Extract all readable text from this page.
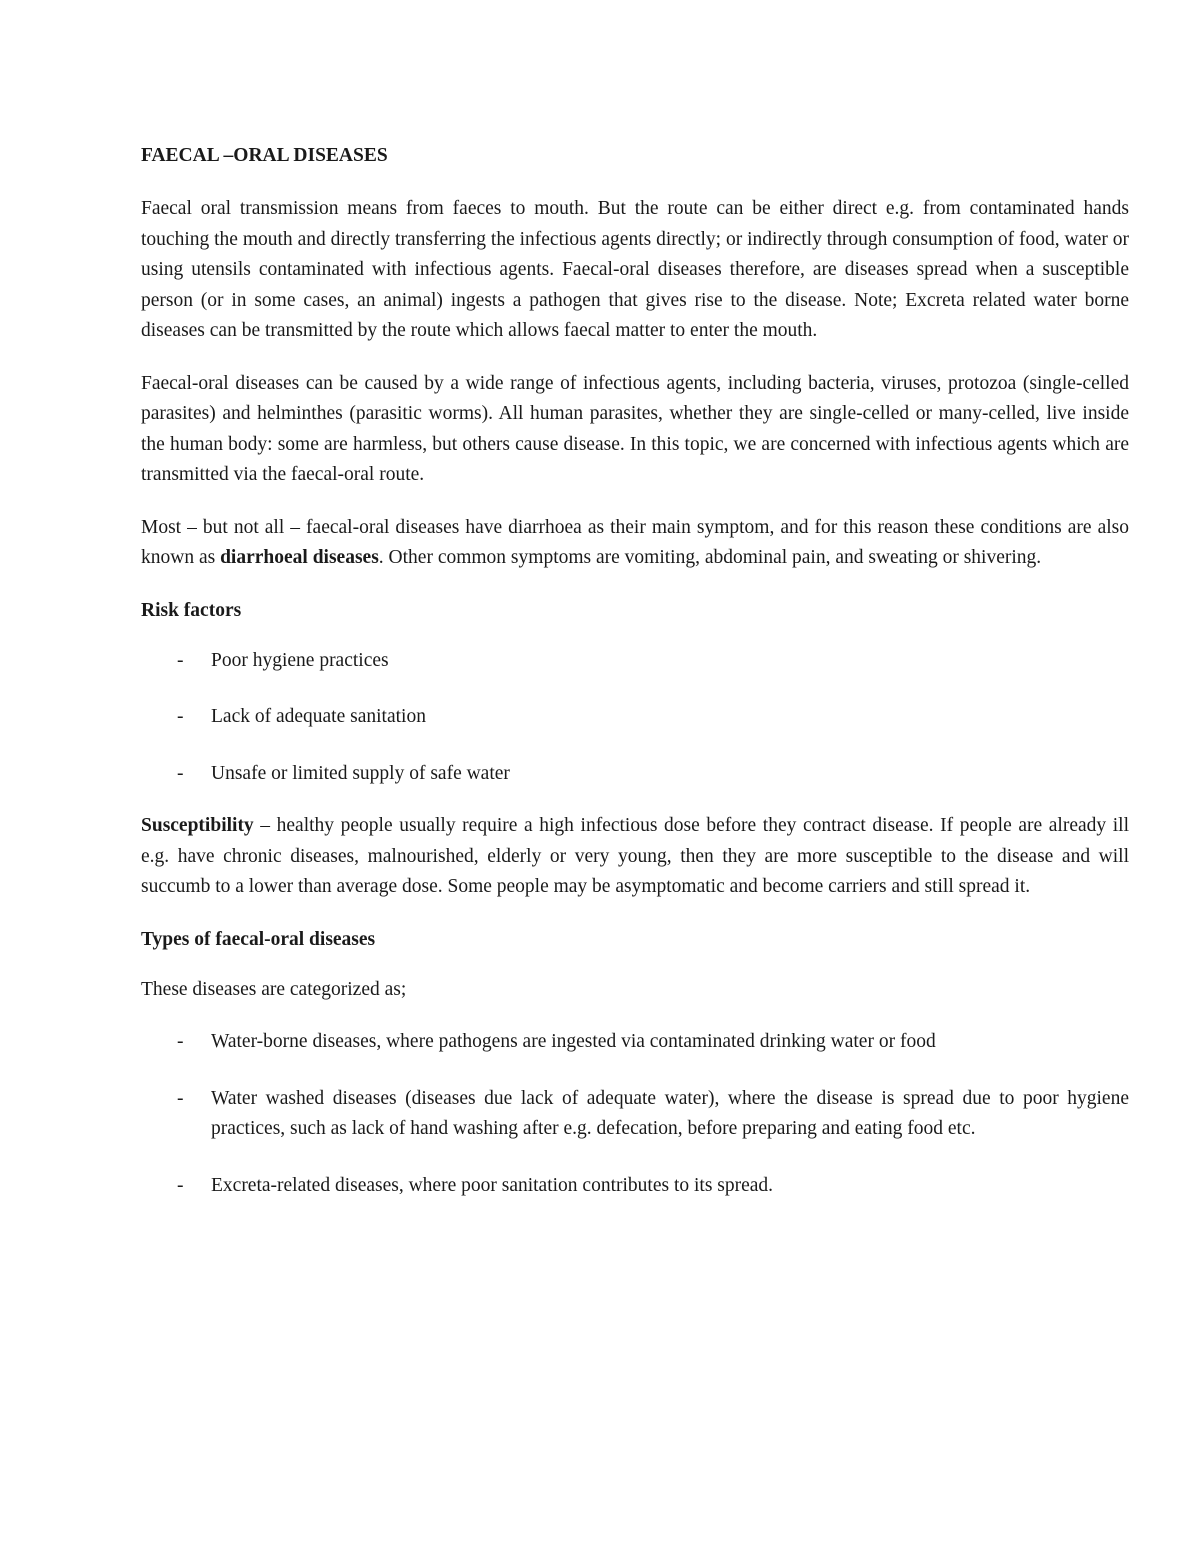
FAECAL –ORAL DISEASES

Faecal oral transmission means from faeces to mouth. But the route can be either direct e.g. from contaminated hands touching the mouth and directly transferring the infectious agents directly; or indirectly through consumption of food, water or using utensils contaminated with infectious agents. Faecal-oral diseases therefore, are diseases spread when a susceptible person (or in some cases, an animal) ingests a pathogen that gives rise to the disease. Note; Excreta related water borne diseases can be transmitted by the route which allows faecal matter to enter the mouth.

Faecal-oral diseases can be caused by a wide range of infectious agents, including bacteria, viruses, protozoa (single-celled parasites) and helminthes (parasitic worms). All human parasites, whether they are single-celled or many-celled, live inside the human body: some are harmless, but others cause disease. In this topic, we are concerned with infectious agents which are transmitted via the faecal-oral route.

Most – but not all – faecal-oral diseases have diarrhoea as their main symptom, and for this reason these conditions are also known as diarrhoeal diseases. Other common symptoms are vomiting, abdominal pain, and sweating or shivering.

Risk factors
- Poor hygiene practices
- Lack of adequate sanitation
- Unsafe or limited supply of safe water

Susceptibility – healthy people usually require a high infectious dose before they contract disease. If people are already ill e.g. have chronic diseases, malnourished, elderly or very young, then they are more susceptible to the disease and will succumb to a lower than average dose. Some people may be asymptomatic and become carriers and still spread it.

Types of faecal-oral diseases

These diseases are categorized as;

- Water-borne diseases, where pathogens are ingested via contaminated drinking water or food
- Water washed diseases (diseases due lack of adequate water), where the disease is spread due to poor hygiene practices, such as lack of hand washing after e.g. defecation, before preparing and eating food etc.
- Excreta-related diseases, where poor sanitation contributes to its spread.
